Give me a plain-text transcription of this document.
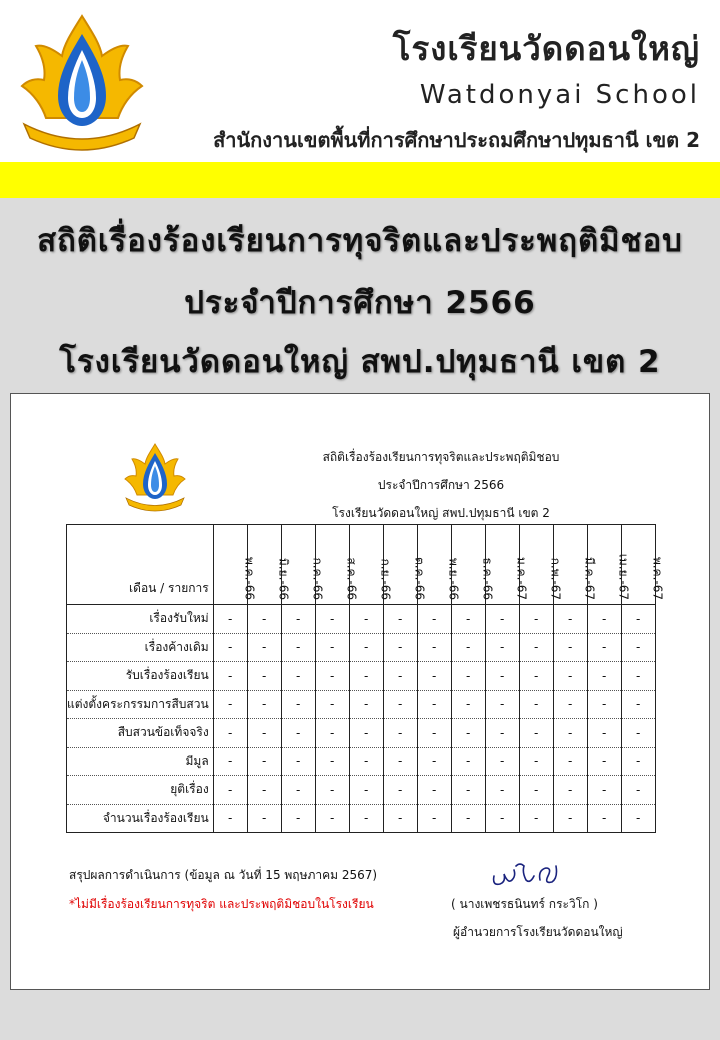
โรงเรียนวัดดอนใหญ่
Watdonyai School
สำนักงานเขตพื้นที่การศึกษาประถมศึกษาปทุมธานี เขต 2
สถิติเรื่องร้องเรียนการทุจริตและประพฤติมิชอบ
ประจำปีการศึกษา 2566
โรงเรียนวัดดอนใหญ่ สพป.ปทุมธานี เขต 2
สถิติเรื่องร้องเรียนการทุจริตและประพฤติมิชอบ
ประจำปีการศึกษา 2566
โรงเรียนวัดดอนใหญ่ สพป.ปทุมธานี เขต 2
เดือน / รายการ	พ.ค.-66	มิ.ย.-66	ก.ค.-66	ส.ค.-66	ก.ย.-66	ต.ค.-66	พ.ย.-66	ธ.ค.-66	ม.ค.-67	ก.พ.-67	มี.ค.-67	เม.ย.-67	พ.ค.-67

เรื่องรับใหม่	-	-	-	-	-	-	-	-	-	-	-	-	-
เรื่องค้างเดิม	-	-	-	-	-	-	-	-	-	-	-	-	-
รับเรื่องร้องเรียน	-	-	-	-	-	-	-	-	-	-	-	-	-
แต่งตั้งคระกรรมการสืบสวน	-	-	-	-	-	-	-	-	-	-	-	-	-
สืบสวนข้อเท็จจริง	-	-	-	-	-	-	-	-	-	-	-	-	-
มีมูล	-	-	-	-	-	-	-	-	-	-	-	-	-
ยุติเรื่อง	-	-	-	-	-	-	-	-	-	-	-	-	-
จำนวนเรื่องร้องเรียน	-	-	-	-	-	-	-	-	-	-	-	-	-
สรุปผลการดำเนินการ (ข้อมูล ณ วันที่ 15 พฤษภาคม 2567)
*ไม่มีเรื่องร้องเรียนการทุจริต และประพฤติมิชอบในโรงเรียน	( นางเพชรธนินทร์ กระวิโก )
ผู้อำนวยการโรงเรียนวัดดอนใหญ่
